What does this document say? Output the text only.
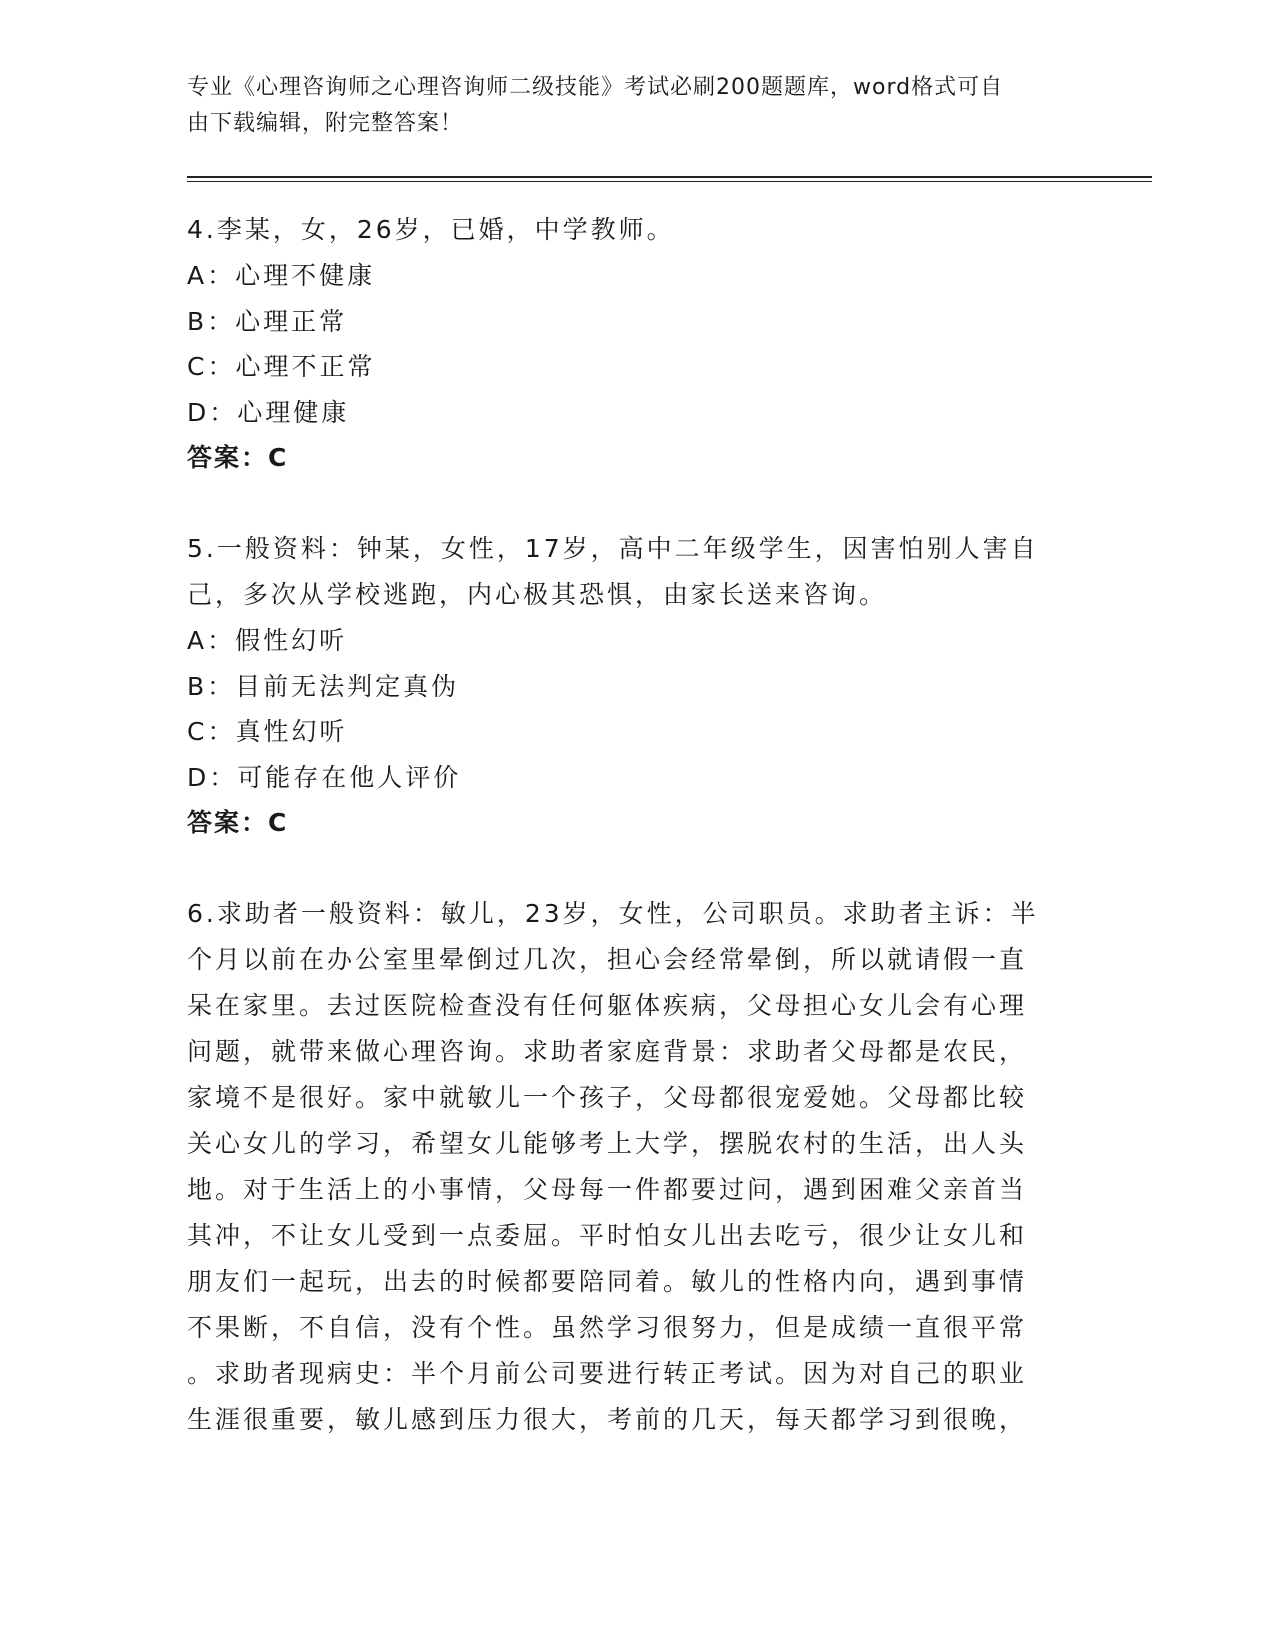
专业《心理咨询师之心理咨询师二级技能》考试必刷200题题库，word格式可自
由下载编辑，附完整答案！
4.李某，女，26岁，已婚，中学教师。
A：心理不健康
B：心理正常
C：心理不正常
D：心理健康
答案：C
5.一般资料：钟某，女性，17岁，高中二年级学生，因害怕别人害自
己，多次从学校逃跑，内心极其恐惧，由家长送来咨询。
A：假性幻听
B：目前无法判定真伪
C：真性幻听
D：可能存在他人评价
答案：C
6.求助者一般资料：敏儿，23岁，女性，公司职员。求助者主诉：半
个月以前在办公室里晕倒过几次，担心会经常晕倒，所以就请假一直
呆在家里。去过医院检查没有任何躯体疾病，父母担心女儿会有心理
问题，就带来做心理咨询。求助者家庭背景：求助者父母都是农民，
家境不是很好。家中就敏儿一个孩子，父母都很宠爱她。父母都比较
关心女儿的学习，希望女儿能够考上大学，摆脱农村的生活，出人头
地。对于生活上的小事情，父母每一件都要过问，遇到困难父亲首当
其冲，不让女儿受到一点委屈。平时怕女儿出去吃亏，很少让女儿和
朋友们一起玩，出去的时候都要陪同着。敏儿的性格内向，遇到事情
不果断，不自信，没有个性。虽然学习很努力，但是成绩一直很平常
。求助者现病史：半个月前公司要进行转正考试。因为对自己的职业
生涯很重要，敏儿感到压力很大，考前的几天，每天都学习到很晚，
